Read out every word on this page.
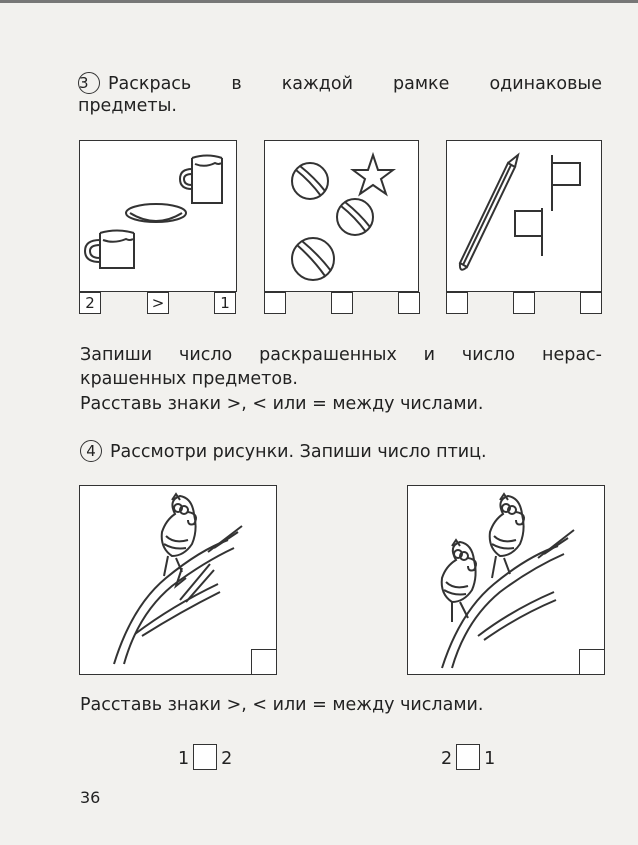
3 Раскрась в каждой рамке одинаковые
предметы.
2	>	1
Запиши число раскрашенных и число нерас-
крашенных предметов.
Расставь знаки >, < или = между числами.
4 Рассмотри рисунки. Запиши число птиц.
Расставь знаки >, < или = между числами.
1 2	2 1
36
